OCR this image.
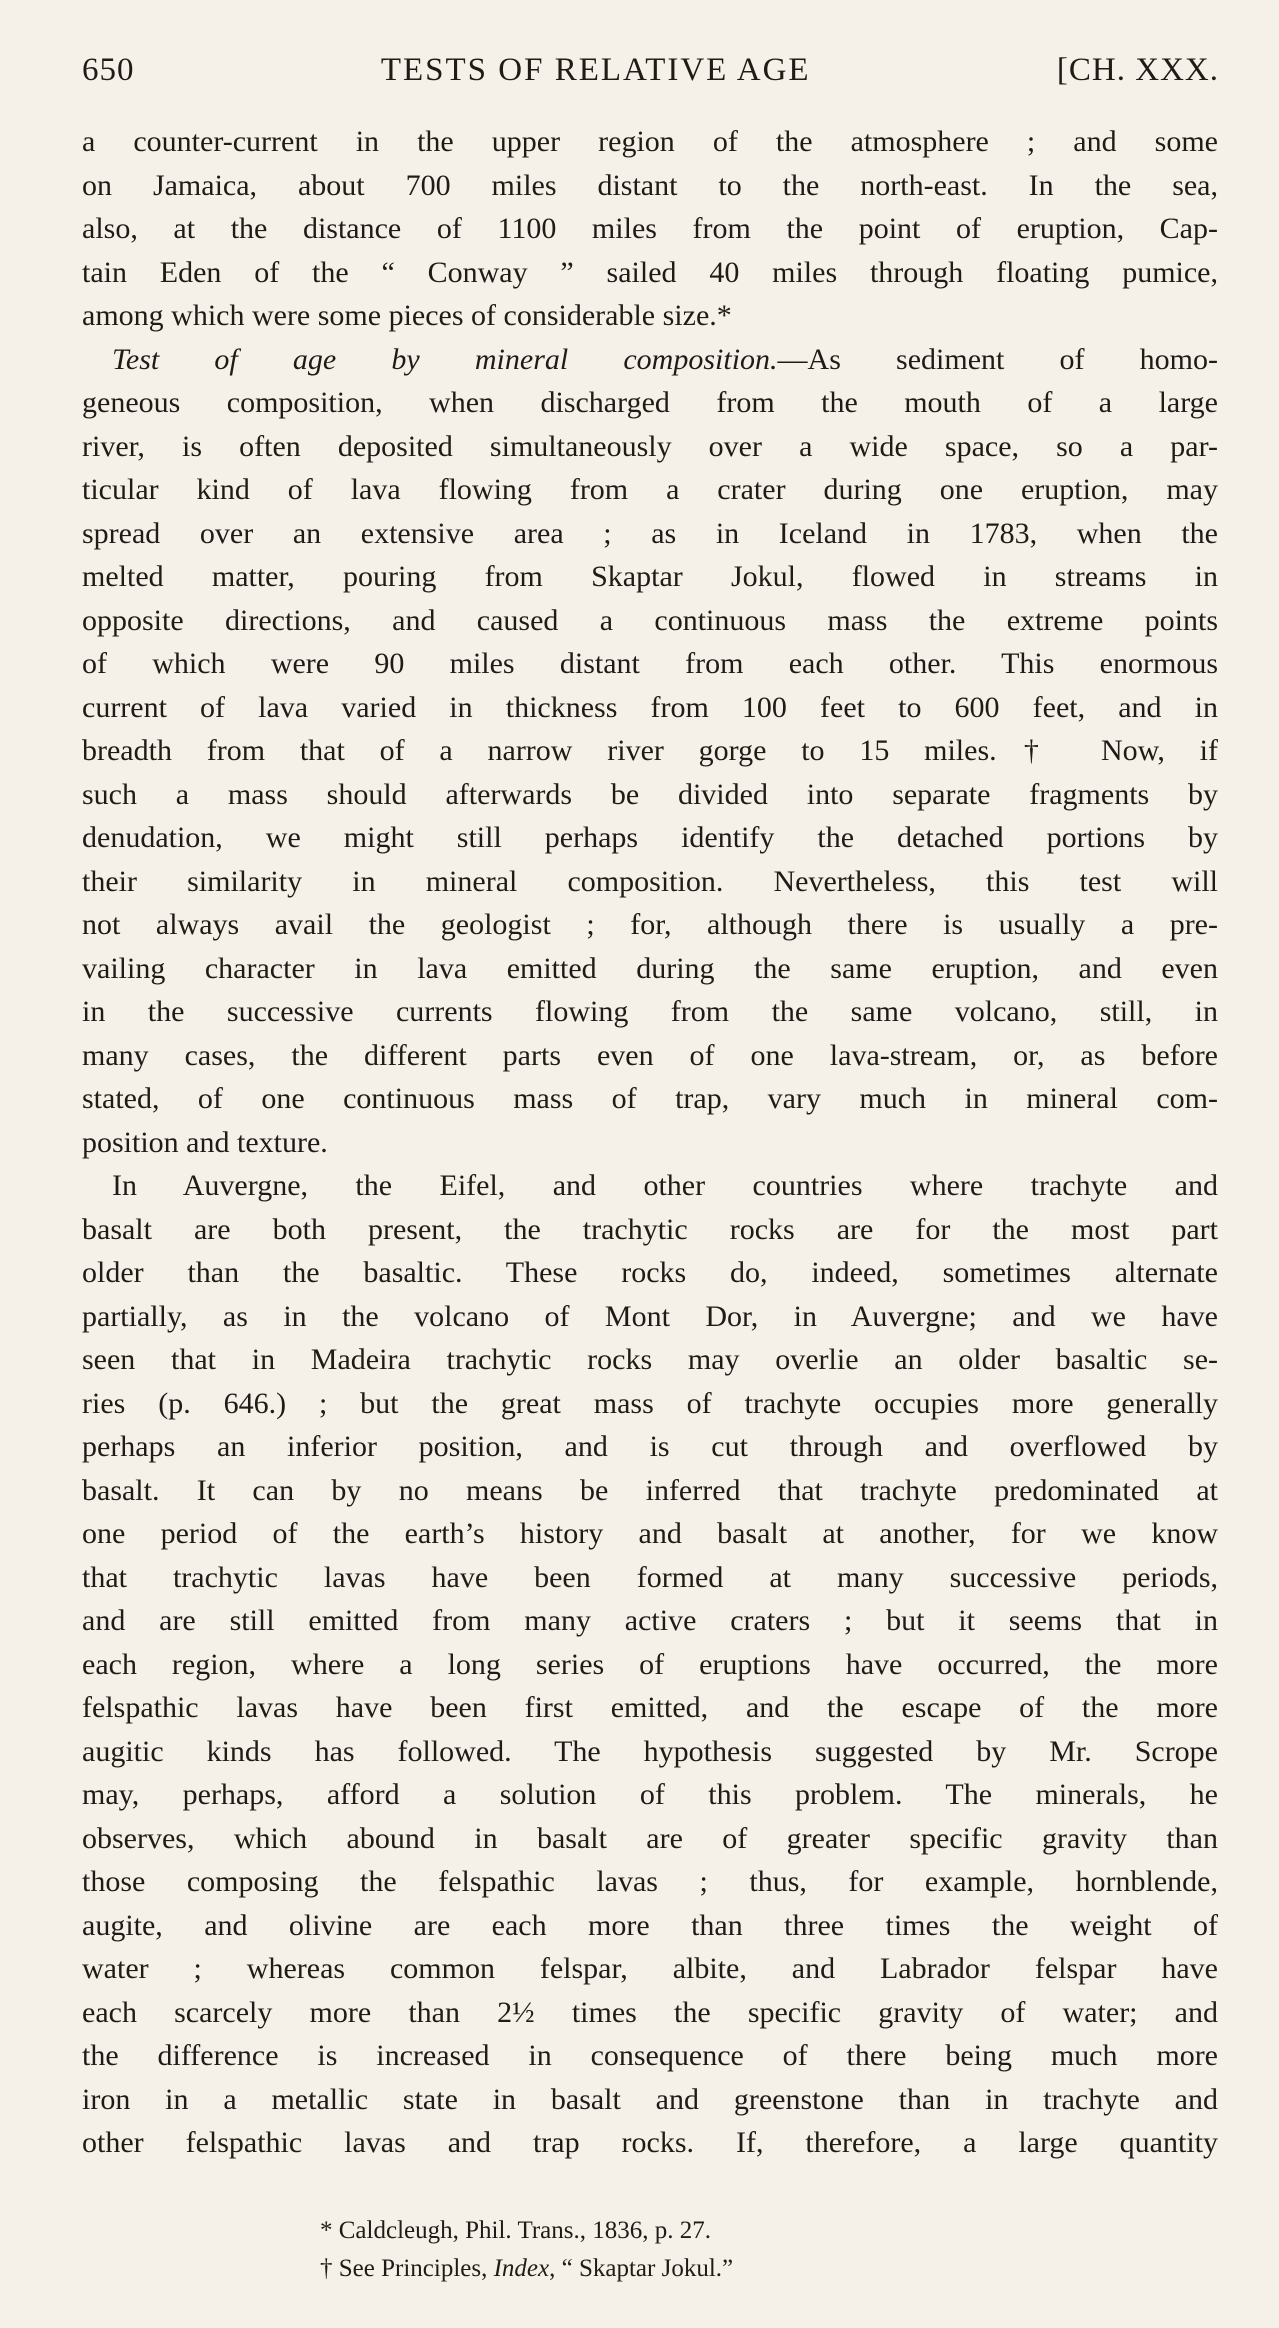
650	TESTS OF RELATIVE AGE	[CH. XXX.
a counter-current in the upper region of the atmosphere ; and some
on Jamaica, about 700 miles distant to the north-east. In the sea,
also, at the distance of 1100 miles from the point of eruption, Cap-
tain Eden of the “ Conway ” sailed 40 miles through floating pumice,
among which were some pieces of considerable size.*
Test of age by mineral composition.—As sediment of homo-
geneous composition, when discharged from the mouth of a large
river, is often deposited simultaneously over a wide space, so a par-
ticular kind of lava flowing from a crater during one eruption, may
spread over an extensive area ; as in Iceland in 1783, when the
melted matter, pouring from Skaptar Jokul, flowed in streams in
opposite directions, and caused a continuous mass the extreme points
of which were 90 miles distant from each other. This enormous
current of lava varied in thickness from 100 feet to 600 feet, and in
breadth from that of a narrow river gorge to 15 miles.† Now, if
such a mass should afterwards be divided into separate fragments by
denudation, we might still perhaps identify the detached portions by
their similarity in mineral composition. Nevertheless, this test will
not always avail the geologist ; for, although there is usually a pre-
vailing character in lava emitted during the same eruption, and even
in the successive currents flowing from the same volcano, still, in
many cases, the different parts even of one lava-stream, or, as before
stated, of one continuous mass of trap, vary much in mineral com-
position and texture.
In Auvergne, the Eifel, and other countries where trachyte and
basalt are both present, the trachytic rocks are for the most part
older than the basaltic. These rocks do, indeed, sometimes alternate
partially, as in the volcano of Mont Dor, in Auvergne; and we have
seen that in Madeira trachytic rocks may overlie an older basaltic se-
ries (p. 646.) ; but the great mass of trachyte occupies more generally
perhaps an inferior position, and is cut through and overflowed by
basalt. It can by no means be inferred that trachyte predominated at
one period of the earth’s history and basalt at another, for we know
that trachytic lavas have been formed at many successive periods,
and are still emitted from many active craters ; but it seems that in
each region, where a long series of eruptions have occurred, the more
felspathic lavas have been first emitted, and the escape of the more
augitic kinds has followed. The hypothesis suggested by Mr. Scrope
may, perhaps, afford a solution of this problem. The minerals, he
observes, which abound in basalt are of greater specific gravity than
those composing the felspathic lavas ; thus, for example, hornblende,
augite, and olivine are each more than three times the weight of
water ; whereas common felspar, albite, and Labrador felspar have
each scarcely more than 2½ times the specific gravity of water; and
the difference is increased in consequence of there being much more
iron in a metallic state in basalt and greenstone than in trachyte and
other felspathic lavas and trap rocks. If, therefore, a large quantity
* Caldcleugh, Phil. Trans., 1836, p. 27.
† See Principles, Index, “ Skaptar Jokul.”
